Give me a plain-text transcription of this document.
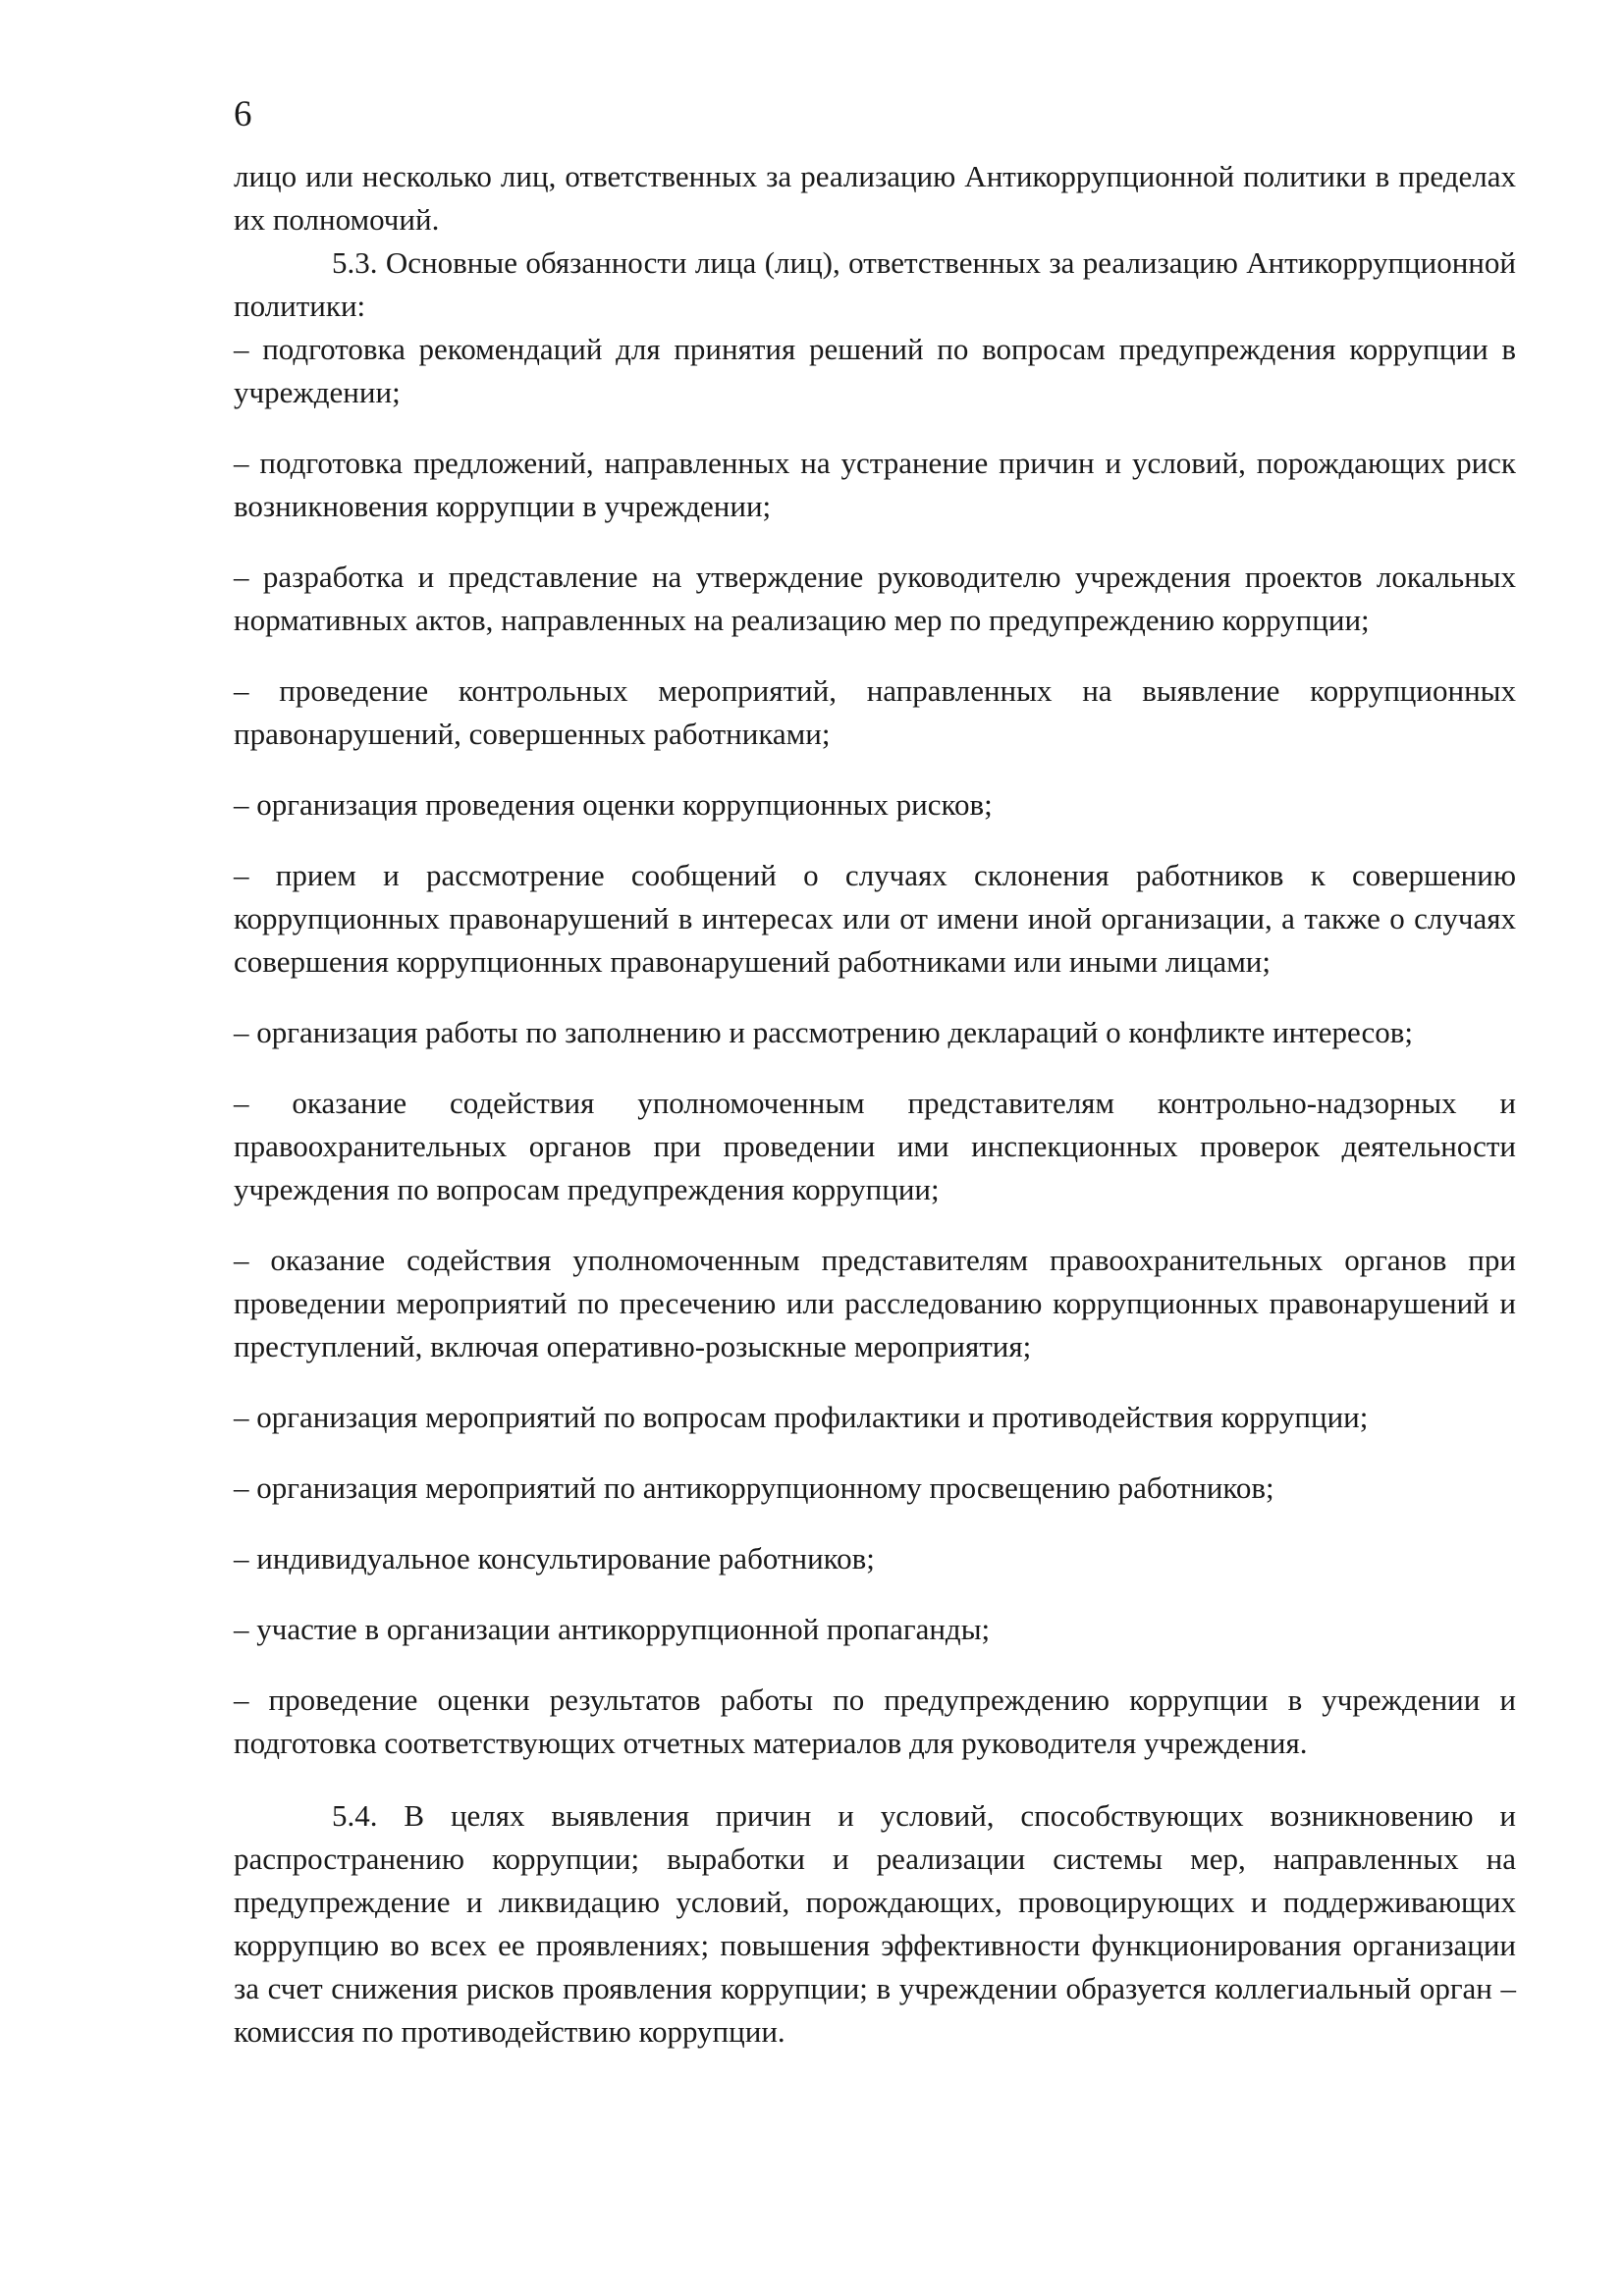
6

лицо или несколько лиц, ответственных за реализацию Антикоррупционной политики в пределах их полномочий.

5.3. Основные обязанности лица (лиц), ответственных за реализацию Антикоррупционной политики:

– подготовка рекомендаций для принятия решений по вопросам предупреждения коррупции в учреждении;

– подготовка предложений, направленных на устранение причин и условий, порождающих риск возникновения коррупции в учреждении;

– разработка и представление на утверждение руководителю учреждения проектов локальных нормативных актов, направленных на реализацию мер по предупреждению коррупции;

– проведение контрольных мероприятий, направленных на выявление коррупционных правонарушений, совершенных работниками;

– организация проведения оценки коррупционных рисков;

– прием и рассмотрение сообщений о случаях склонения работников к совершению коррупционных правонарушений в интересах или от имени иной организации, а также о случаях совершения коррупционных правонарушений работниками или иными лицами;

– организация работы по заполнению и рассмотрению деклараций о конфликте интересов;

– оказание содействия уполномоченным представителям контрольно-надзорных и правоохранительных органов при проведении ими инспекционных проверок деятельности учреждения по вопросам предупреждения коррупции;

– оказание содействия уполномоченным представителям правоохранительных органов при проведении мероприятий по пресечению или расследованию коррупционных правонарушений и преступлений, включая оперативно-розыскные мероприятия;

– организация мероприятий по вопросам профилактики и противодействия коррупции;

– организация мероприятий по антикоррупционному просвещению работников;

– индивидуальное консультирование работников;

– участие в организации антикоррупционной пропаганды;

– проведение оценки результатов работы по предупреждению коррупции в учреждении и подготовка соответствующих отчетных материалов для руководителя учреждения.

5.4. В целях выявления причин и условий, способствующих возникновению и распространению коррупции; выработки и реализации системы мер, направленных на предупреждение и ликвидацию условий, порождающих, провоцирующих и поддерживающих коррупцию во всех ее проявлениях; повышения эффективности функционирования организации за счет снижения рисков проявления коррупции; в учреждении образуется коллегиальный орган – комиссия по противодействию коррупции.
